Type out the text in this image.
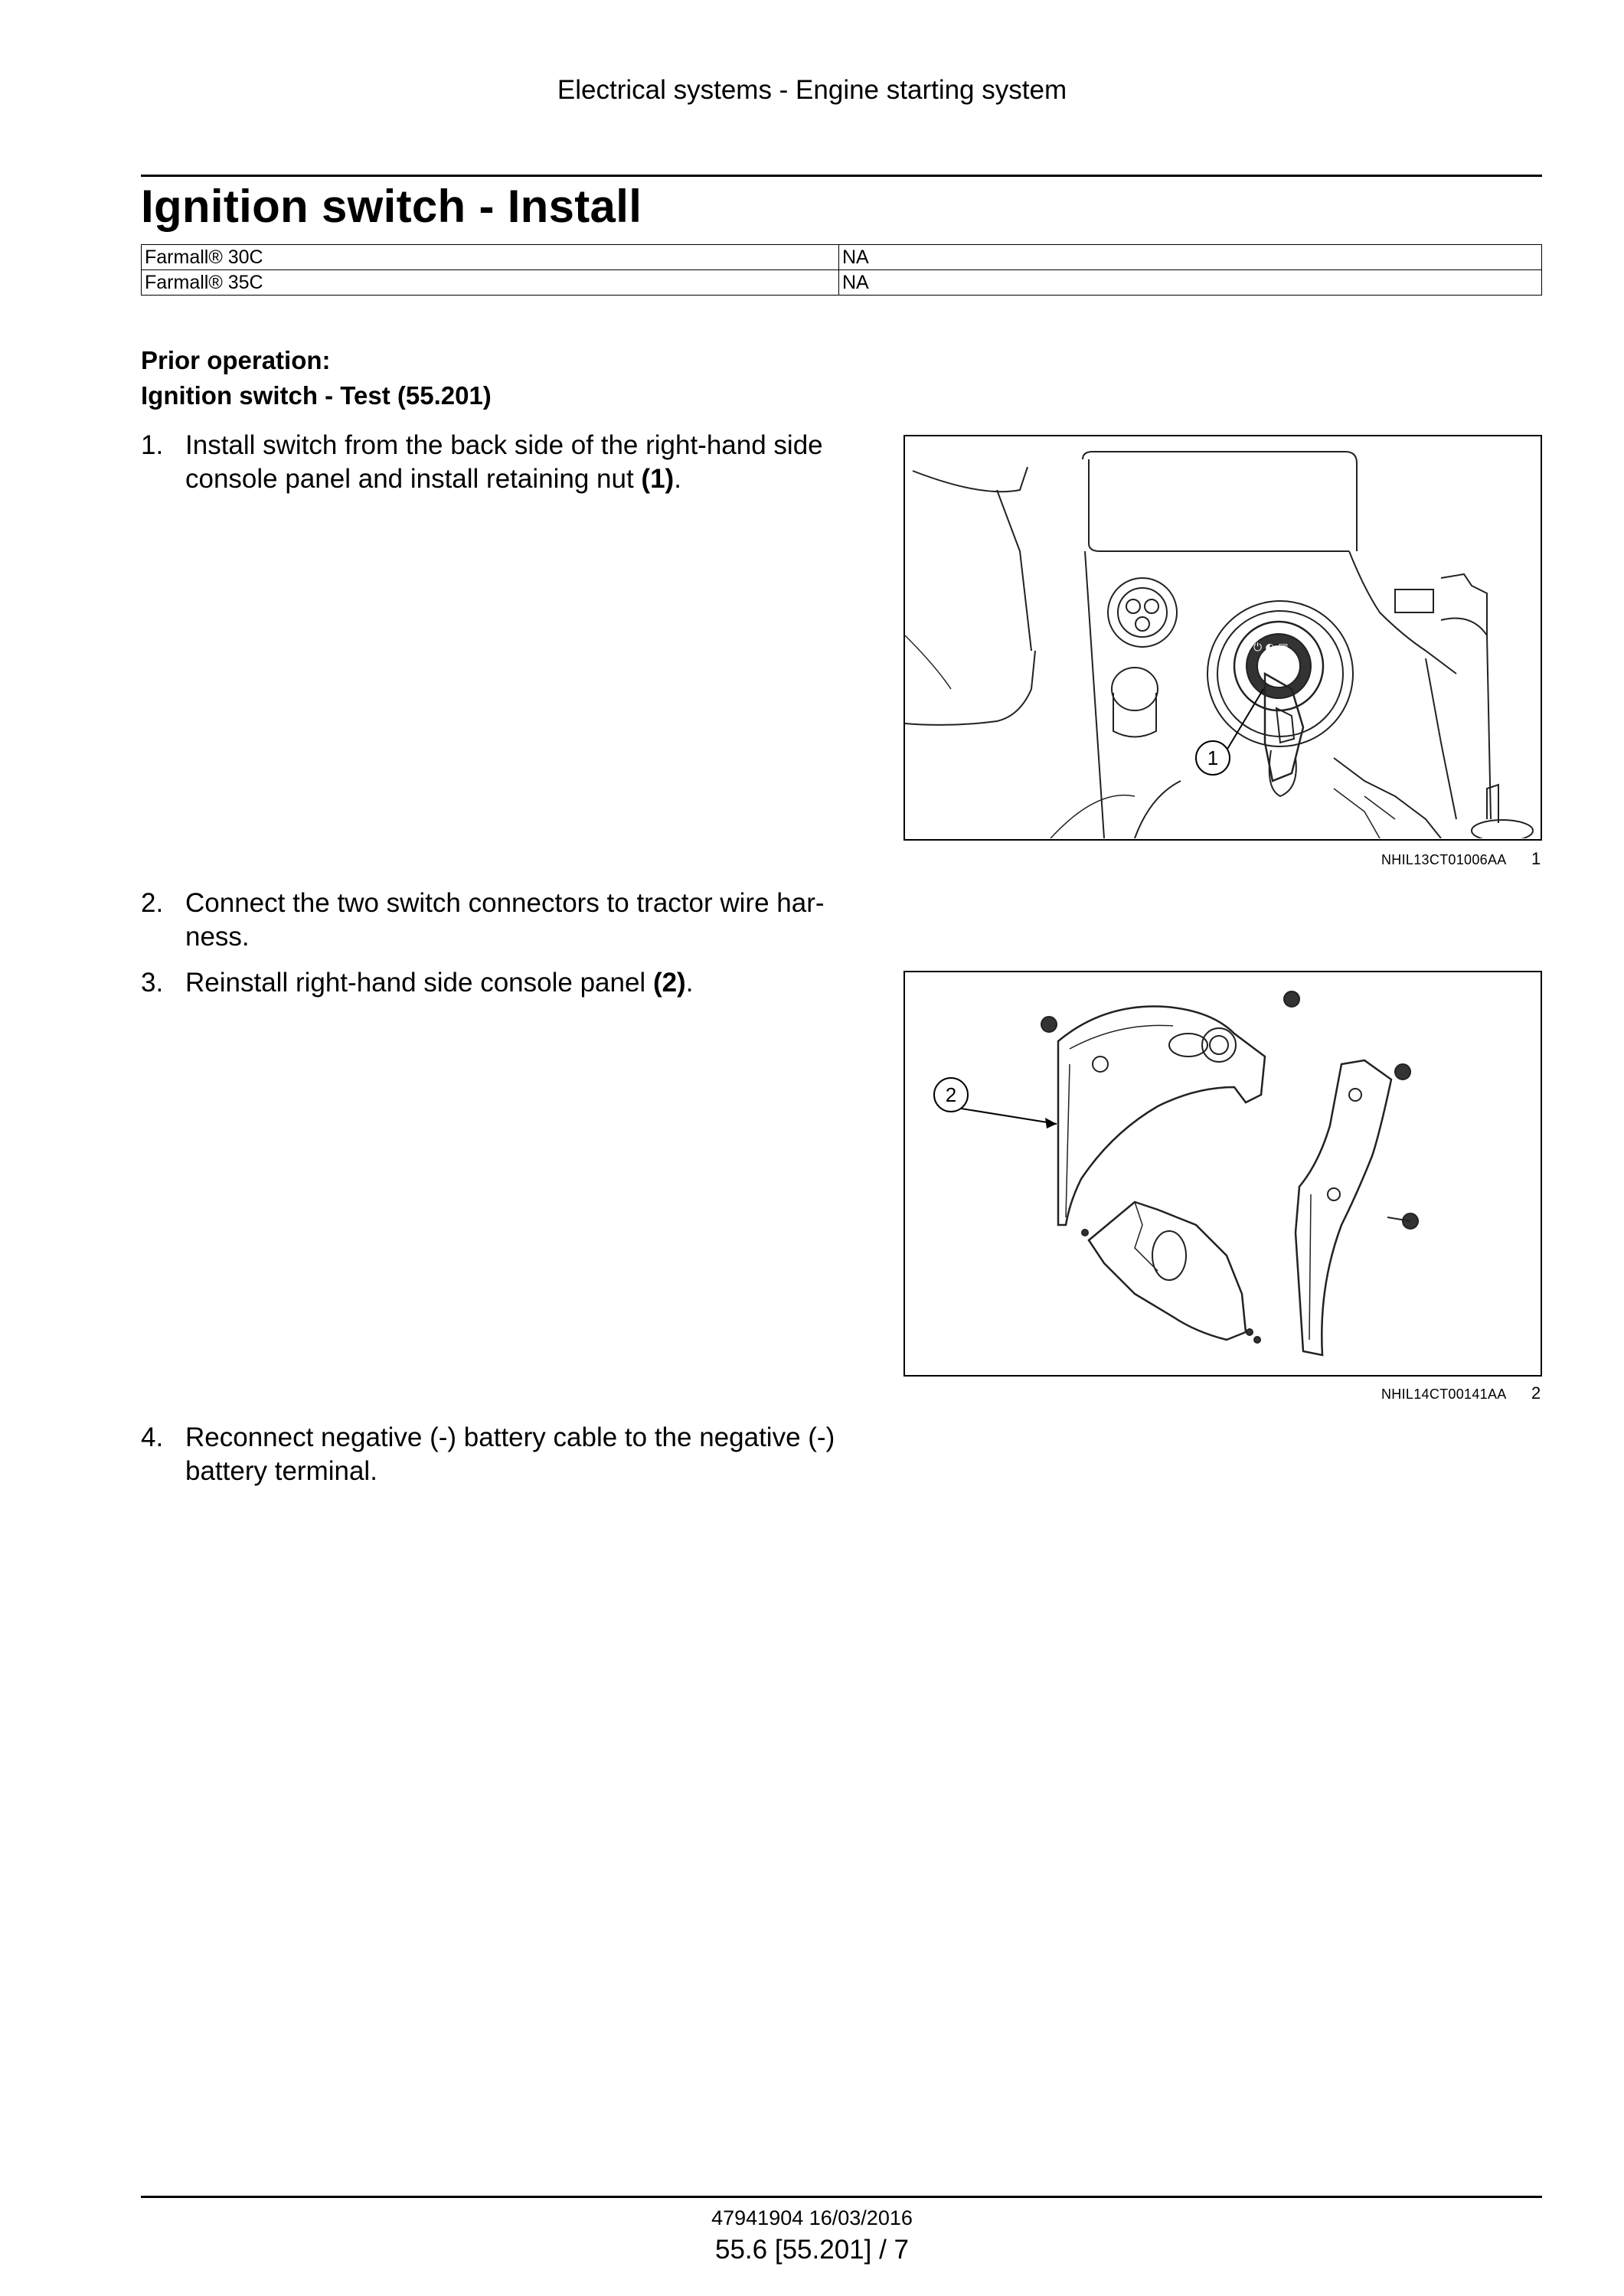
Electrical systems - Engine starting system
Ignition switch - Install
Farmall® 30C	NA
Farmall® 35C	NA
Prior operation:
Ignition switch - Test (55.201)
1. Install switch from the back side of the right-hand side console panel and install retaining nut (1).
⏻ ◐ ▣
1
NHIL13CT01006AA 1
2. Connect the two switch connectors to tractor wire har-ness.
3. Reinstall right-hand side console panel (2).
2
NHIL14CT00141AA 2
4. Reconnect negative (-) battery cable to the negative (-) battery terminal.
47941904 16/03/2016
55.6 [55.201] / 7
